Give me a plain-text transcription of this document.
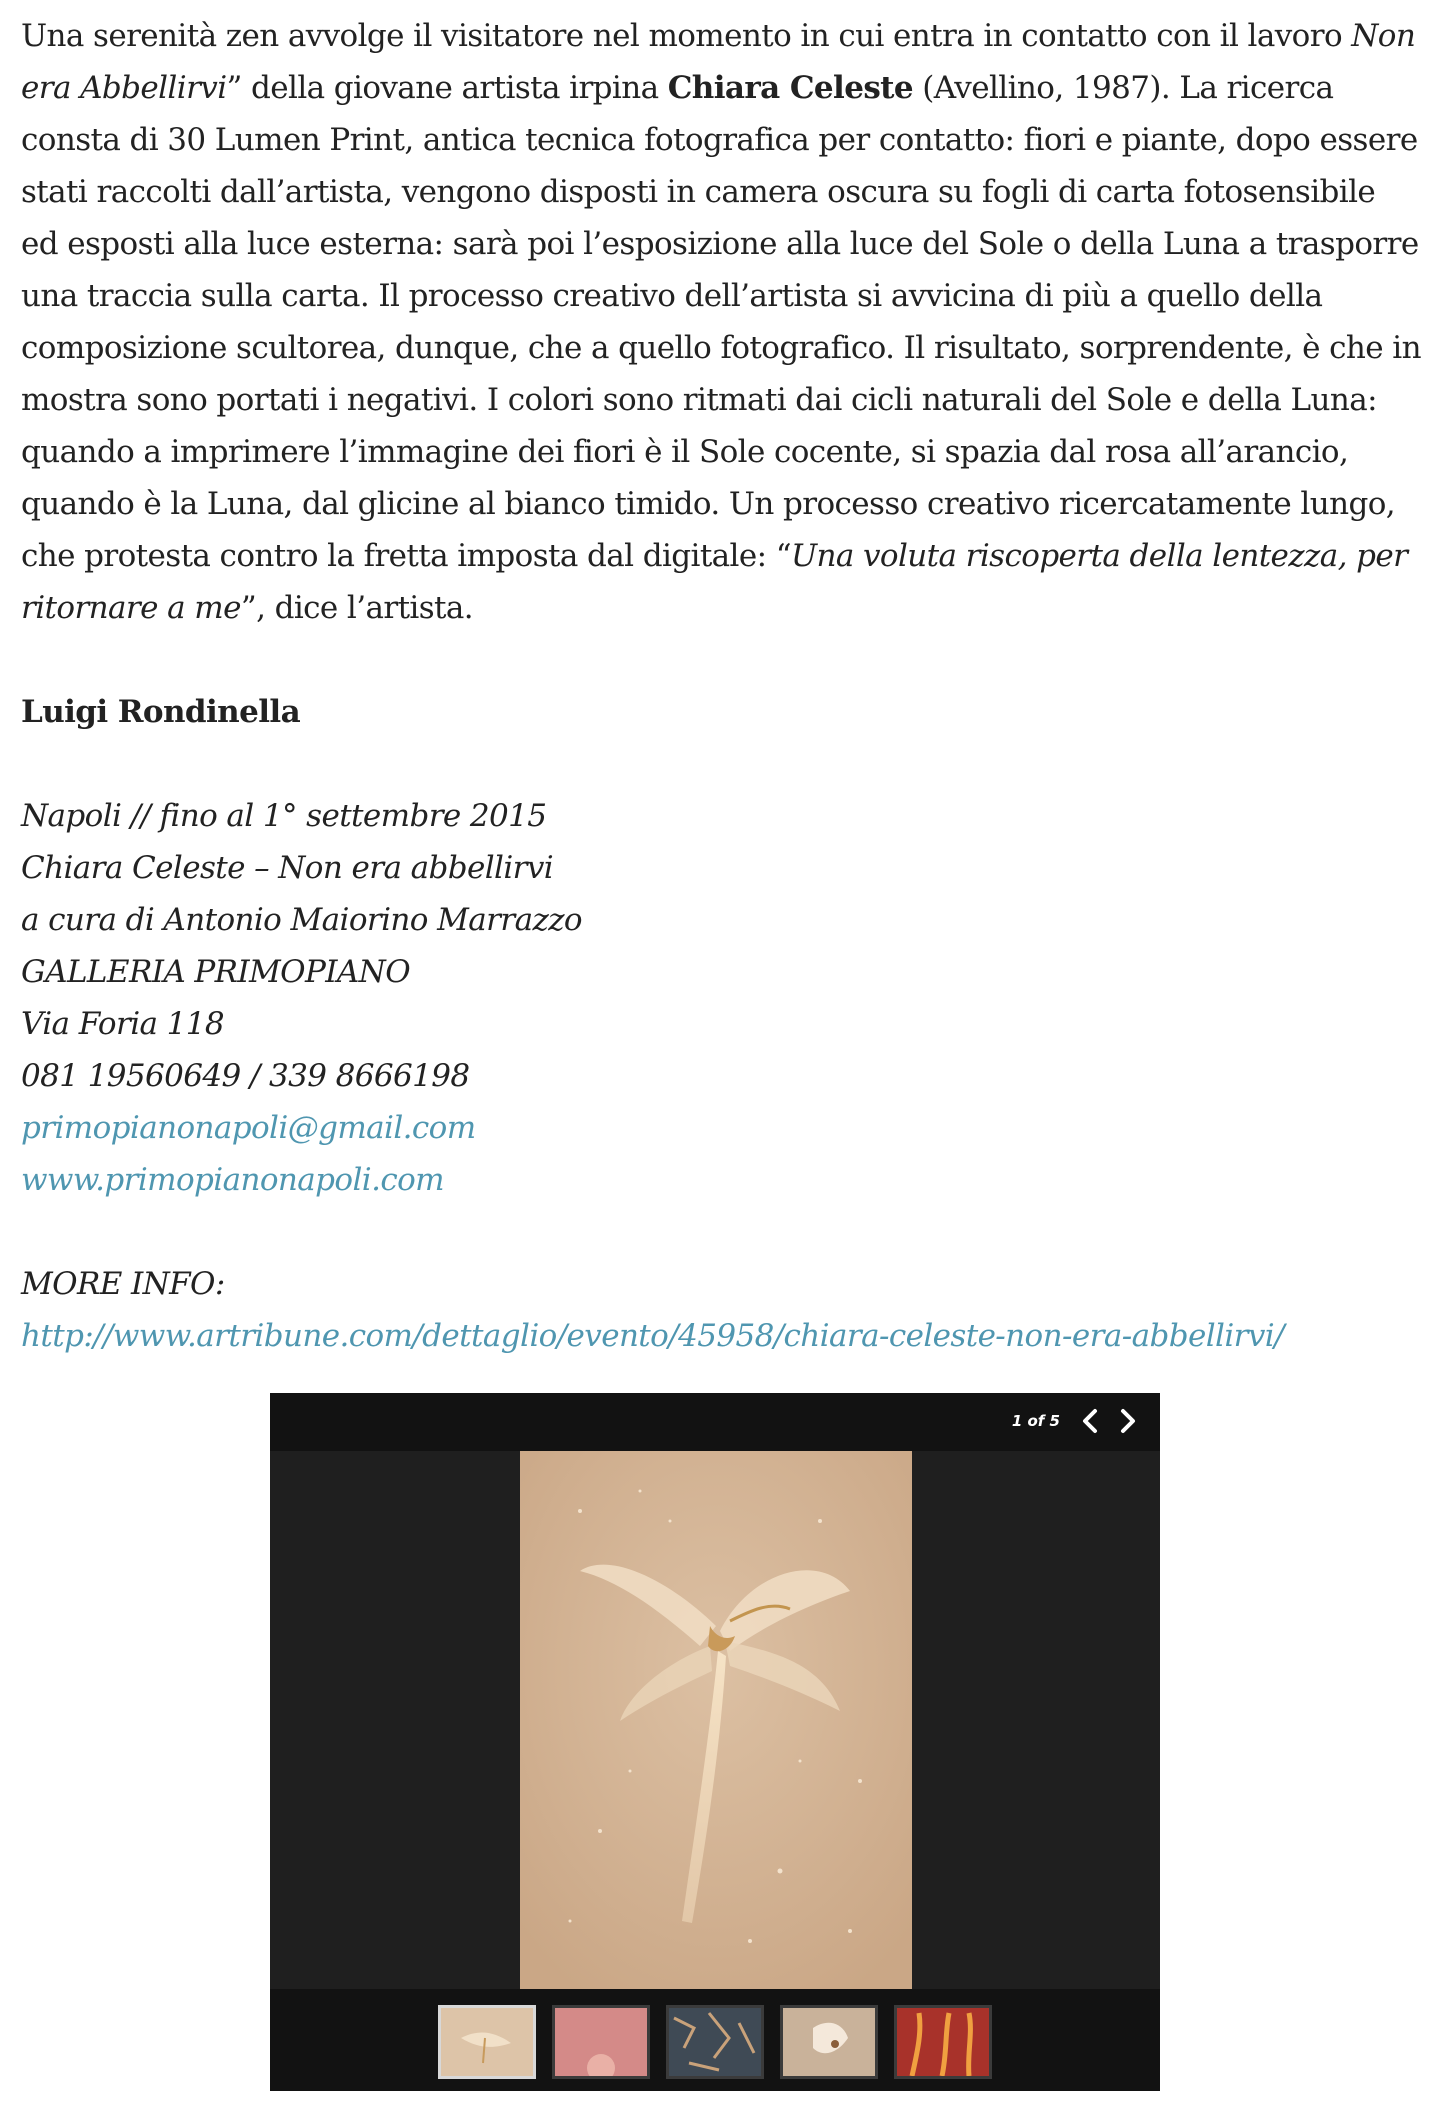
Una serenità zen avvolge il visitatore nel momento in cui entra in contatto con il lavoro Non era Abbellirvi” della giovane artista irpina Chiara Celeste (Avellino, 1987). La ricerca consta di 30 Lumen Print, antica tecnica fotografica per contatto: fiori e piante, dopo essere stati raccolti dall’artista, vengono disposti in camera oscura su fogli di carta fotosensibile ed esposti alla luce esterna: sarà poi l’esposizione alla luce del Sole o della Luna a trasporre una traccia sulla carta. Il processo creativo dell’artista si avvicina di più a quello della composizione scultorea, dunque, che a quello fotografico. Il risultato, sorprendente, è che in mostra sono portati i negativi. I colori sono ritmati dai cicli naturali del Sole e della Luna: quando a imprimere l’immagine dei fiori è il Sole cocente, si spazia dal rosa all’arancio, quando è la Luna, dal glicine al bianco timido. Un processo creativo ricercatamente lungo, che protesta contro la fretta imposta dal digitale: “Una voluta riscoperta della lentezza, per ritornare a me”, dice l’artista.

Luigi Rondinella

Napoli // fino al 1° settembre 2015

Chiara Celeste – Non era abbellirvi

a cura di Antonio Maiorino Marrazzo

GALLERIA PRIMOPIANO

Via Foria 118

081 19560649 / 339 8666198

primopianonapoli@gmail.com

www.primopianonapoli.com

MORE INFO:

http://www.artribune.com/dettaglio/evento/45958/chiara-celeste-non-era-abbellirvi/

1 of 5
